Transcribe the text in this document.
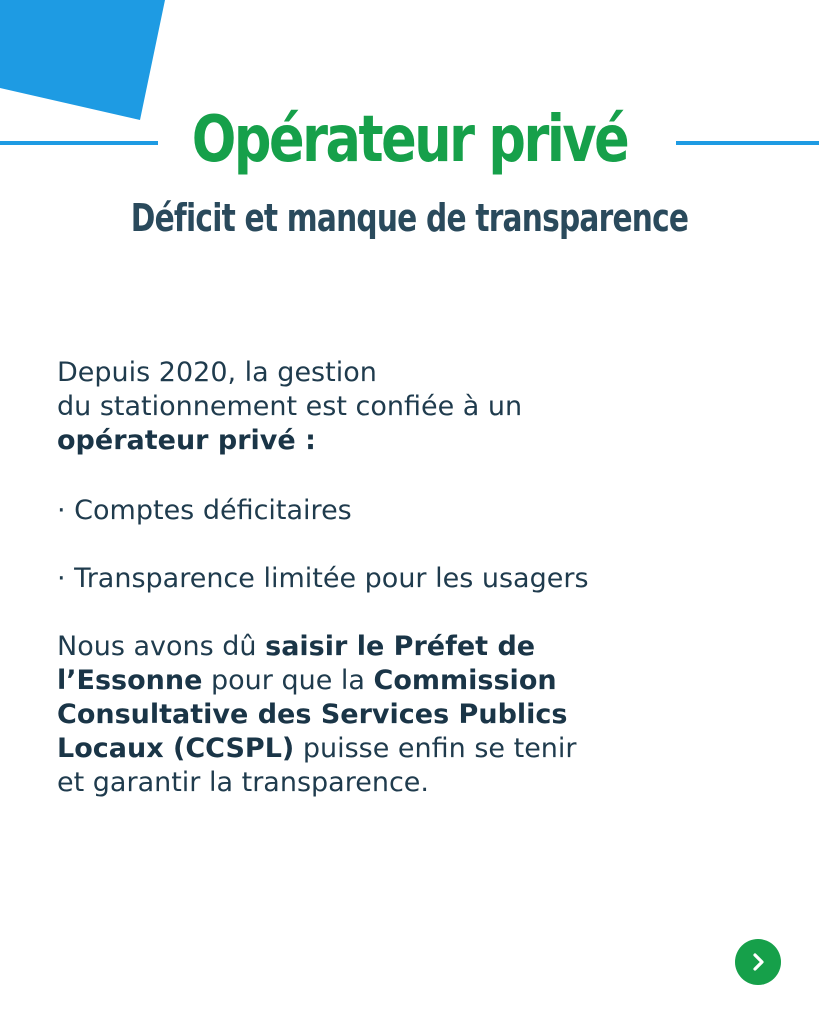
Opérateur privé
Déficit et manque de transparence

Depuis 2020, la gestion
du stationnement est confiée à un
opérateur privé :

· Comptes déficitaires

· Transparence limitée pour les usagers

Nous avons dû saisir le Préfet de
l’Essonne pour que la Commission
Consultative des Services Publics
Locaux (CCSPL) puisse enfin se tenir
et garantir la transparence.
